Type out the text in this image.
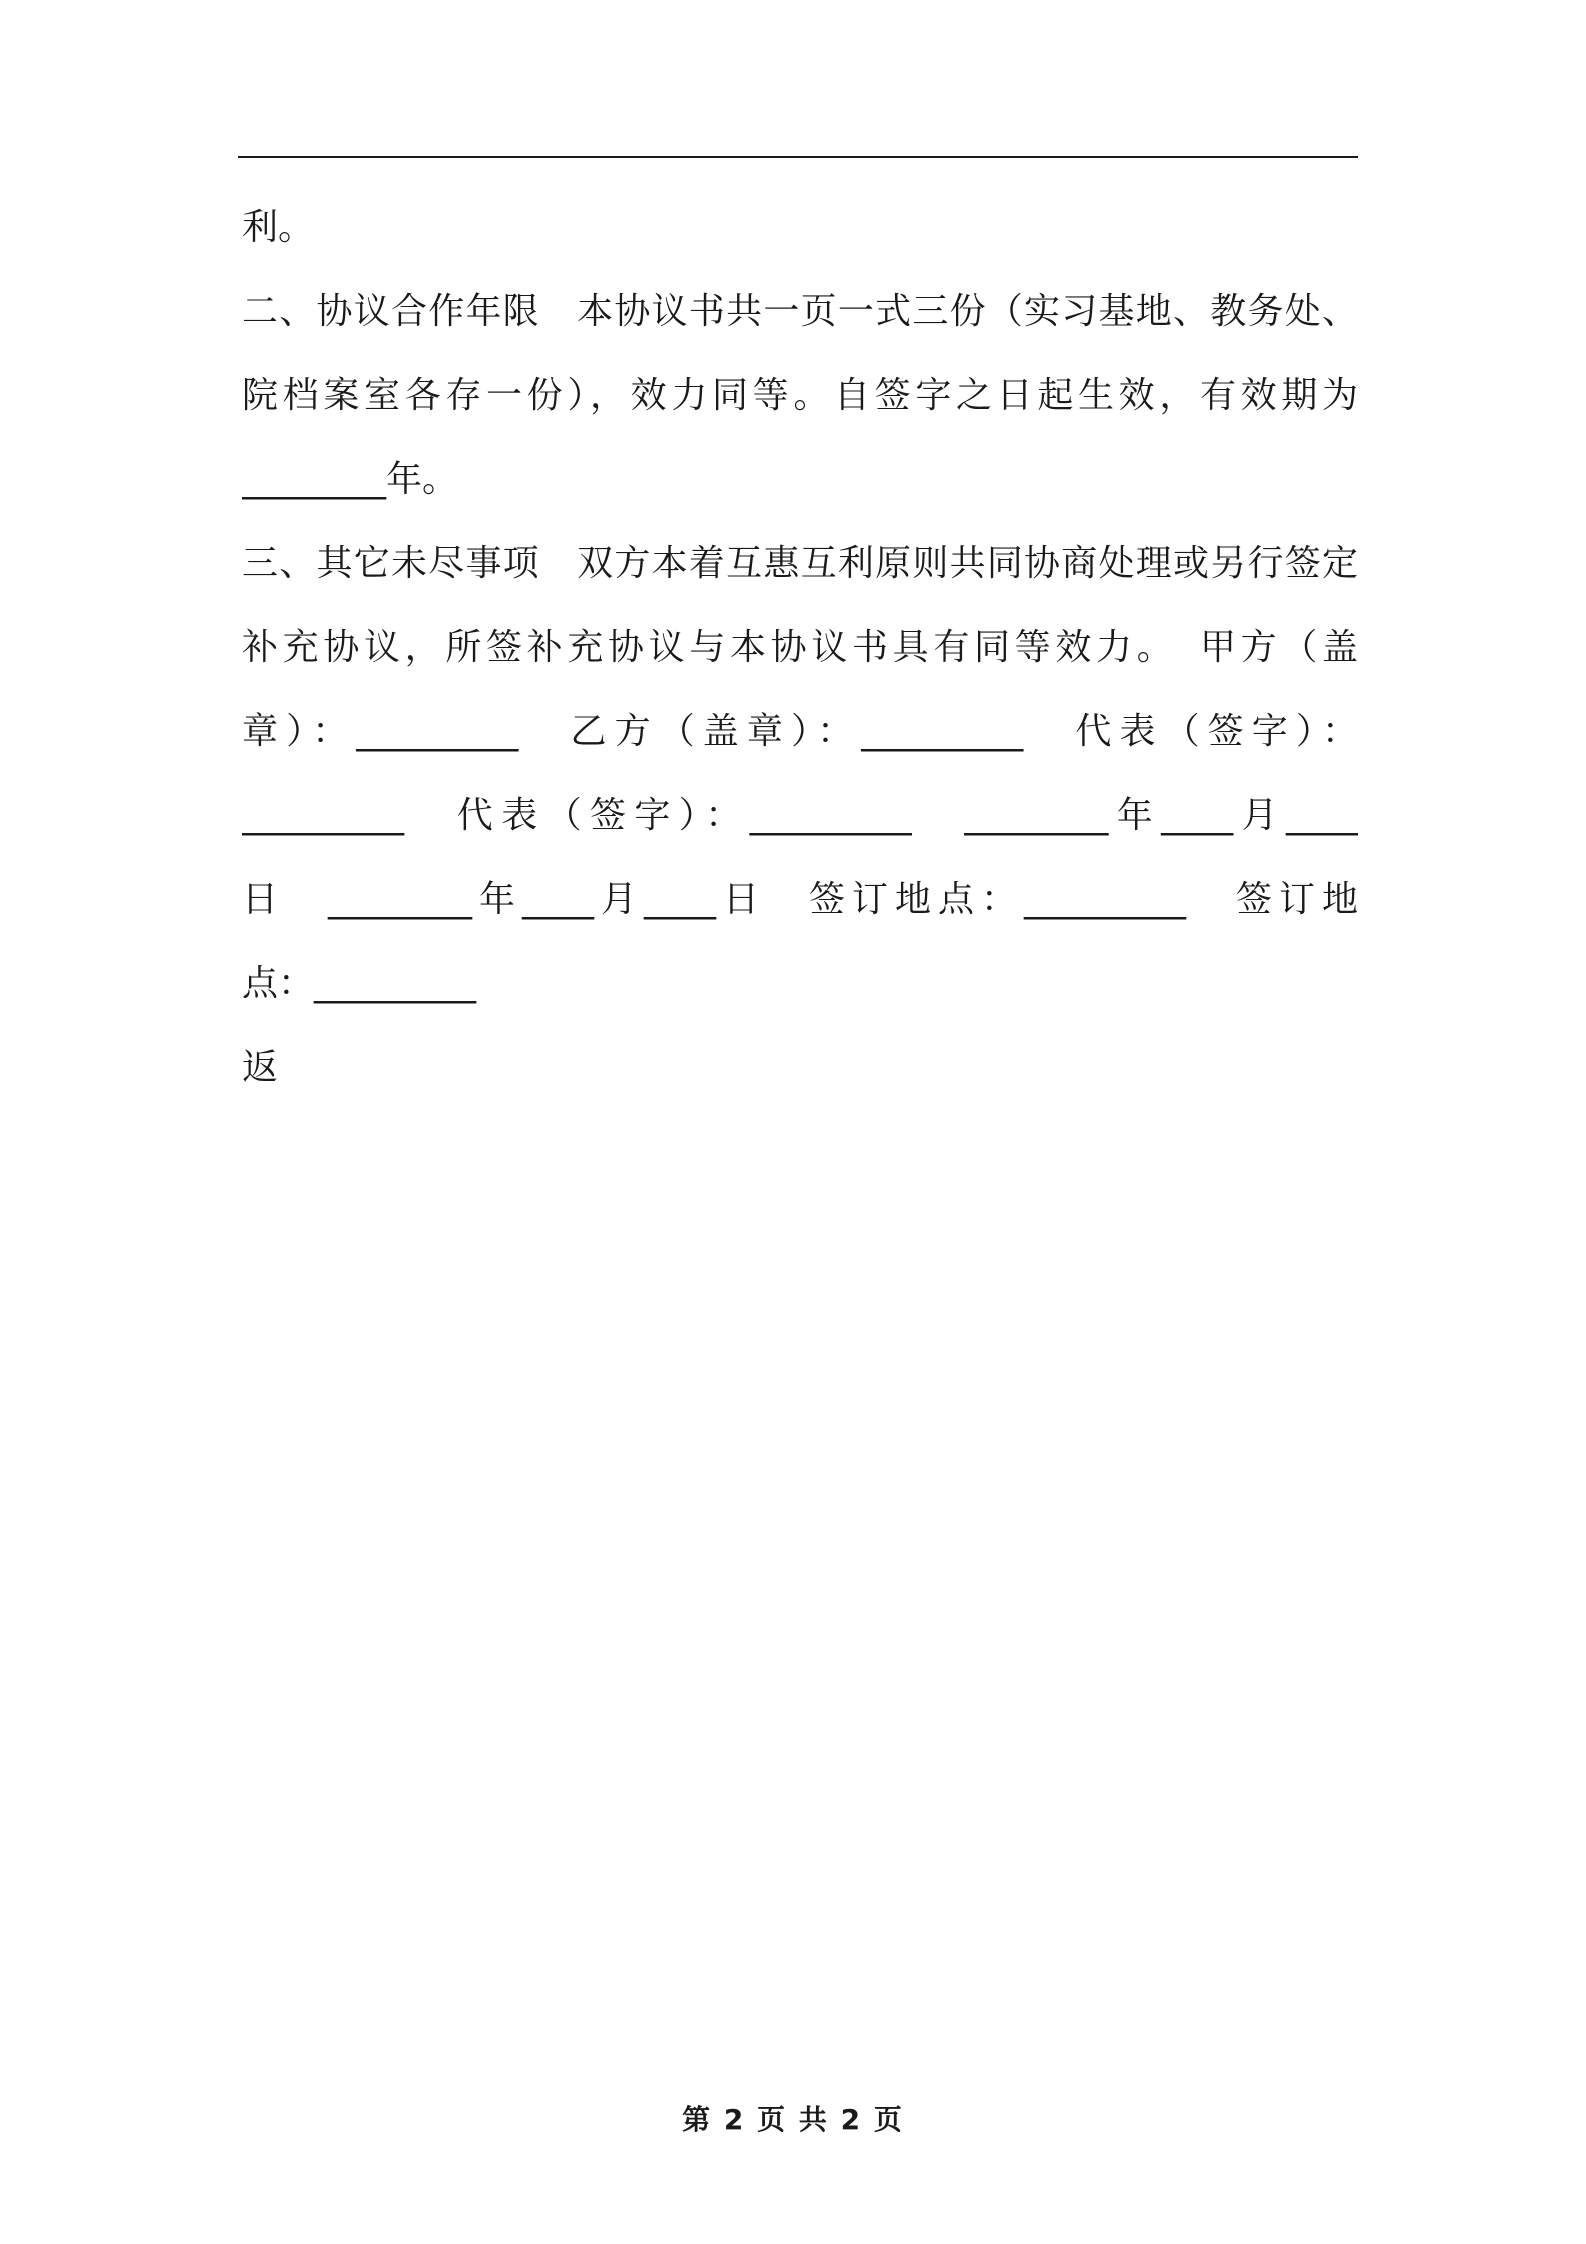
利。
二、协议合作年限　本协议书共一页一式三份（实习基地、教务处、
院档案室各存一份），效力同等。自签字之日起生效，有效期为
________年。
三、其它未尽事项　双方本着互惠互利原则共同协商处理或另行签定
补充协议，所签补充协议与本协议书具有同等效力。　甲方（盖
章）：_________　乙方（盖章）：_________　代表（签字）：
_________　代表（签字）：_________　________年____月____
日　________年____月____日　签订地点：_________　签订地
点：_________
返
第 2 页 共 2 页
